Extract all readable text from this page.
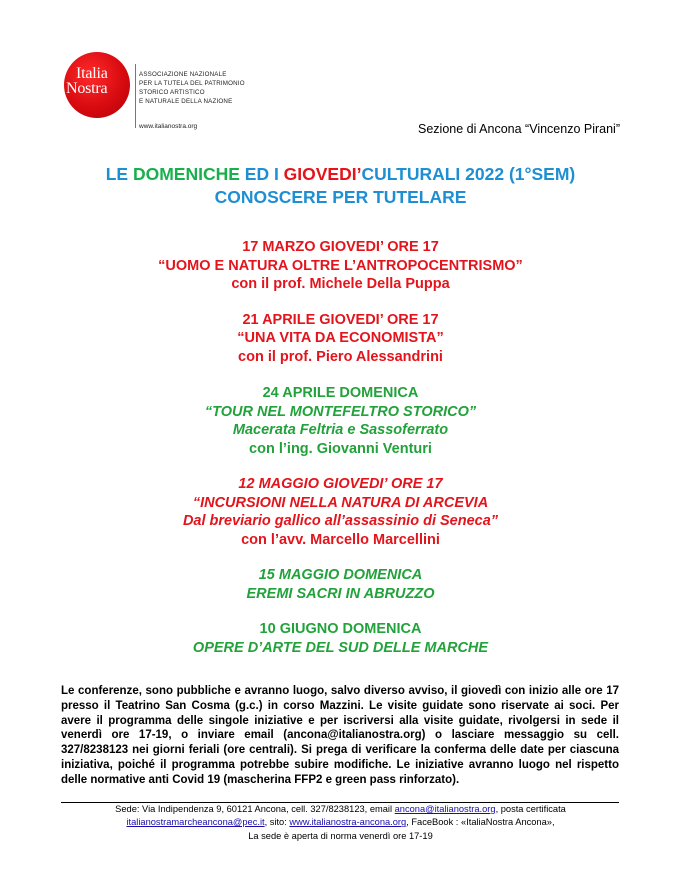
Italia
Nostra
ASSOCIAZIONE NAZIONALE
PER LA TUTELA DEL PATRIMONIO
STORICO ARTISTICO
E NATURALE DELLA NAZIONE
www.italianostra.org	Sezione di Ancona “Vincenzo Pirani”
LE DOMENICHE ED I GIOVEDI’CULTURALI 2022 (1°SEM)
CONOSCERE PER TUTELARE
17 MARZO GIOVEDI’ ORE 17
“UOMO E NATURA OLTRE L’ANTROPOCENTRISMO”
con il prof. Michele Della Puppa
21 APRILE GIOVEDI’ ORE 17
“UNA VITA DA ECONOMISTA”
con il prof. Piero Alessandrini
24 APRILE DOMENICA
“TOUR NEL MONTEFELTRO STORICO”
Macerata Feltria e Sassoferrato
con l’ing. Giovanni Venturi
12 MAGGIO GIOVEDI’ ORE 17
“INCURSIONI NELLA NATURA DI ARCEVIA
Dal breviario gallico all’assassinio di Seneca”
con l’avv. Marcello Marcellini
15 MAGGIO DOMENICA
EREMI SACRI IN ABRUZZO
10 GIUGNO DOMENICA
OPERE D’ARTE DEL SUD DELLE MARCHE
Le conferenze, sono pubbliche e avranno luogo, salvo diverso avviso, il giovedì con inizio alle ore 17 presso il Teatrino San Cosma (g.c.) in corso Mazzini. Le visite guidate sono riservate ai soci. Per avere il programma delle singole iniziative e per iscriversi alla visite guidate, rivolgersi in sede il venerdì ore 17-19, o inviare email (ancona@italianostra.org) o lasciare messaggio su cell. 327/8238123 nei giorni feriali (ore centrali). Si prega di verificare la conferma delle date per ciascuna iniziativa, poiché il programma potrebbe subire modifiche. Le iniziative avranno luogo nel rispetto delle normative anti Covid 19 (mascherina FFP2 e green pass rinforzato).
Sede: Via Indipendenza 9, 60121 Ancona, cell. 327/8238123, email ancona@italianostra.org, posta certificata
italianostramarcheancona@pec.it, sito: www.italianostra-ancona.org, FaceBook : «ItaliaNostra Ancona»,
La sede è aperta di norma venerdì ore 17-19
